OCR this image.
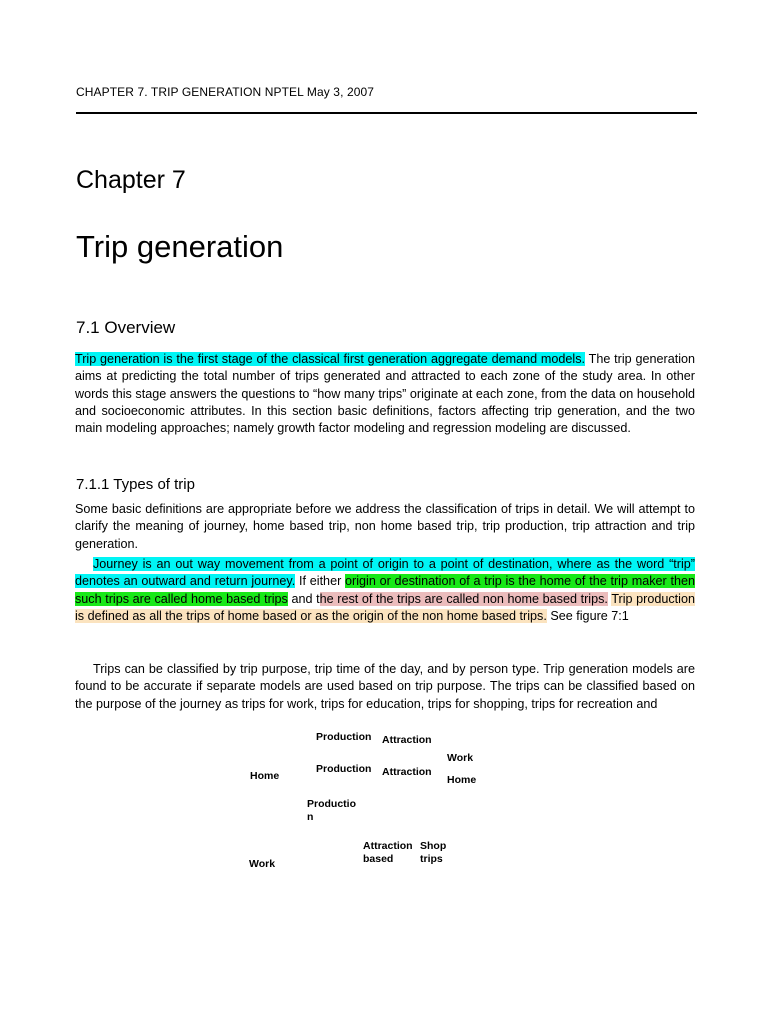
CHAPTER 7. TRIP GENERATION NPTEL May 3, 2007
Chapter 7
Trip generation
7.1 Overview
Trip generation is the first stage of the classical first generation aggregate demand models. The trip generation aims at predicting the total number of trips generated and attracted to each zone of the study area. In other words this stage answers the questions to “how many trips” originate at each zone, from the data on household and socioeconomic attributes. In this section basic definitions, factors affecting trip generation, and the two main modeling approaches; namely growth factor modeling and regression modeling are discussed.
7.1.1 Types of trip
Some basic definitions are appropriate before we address the classification of trips in detail. We will attempt to clarify the meaning of journey, home based trip, non home based trip, trip production, trip attraction and trip generation.
Journey is an out way movement from a point of origin to a point of destination, where as the word “trip” denotes an outward and return journey. If either origin or destination of a trip is the home of the trip maker then such trips are called home based trips and the rest of the trips are called non home based trips. Trip production is defined as all the trips of home based or as the origin of the non home based trips. See figure 7:1
Trips can be classified by trip purpose, trip time of the day, and by person type. Trip generation models are found to be accurate if separate models are used based on trip purpose. The trips can be classified based on the purpose of the journey as trips for work, trips for education, trips for shopping, trips for recreation and
Production Attraction
Work
Home
Production Attraction
Home
Productio
n
Attraction
based
Shop
trips
Work
